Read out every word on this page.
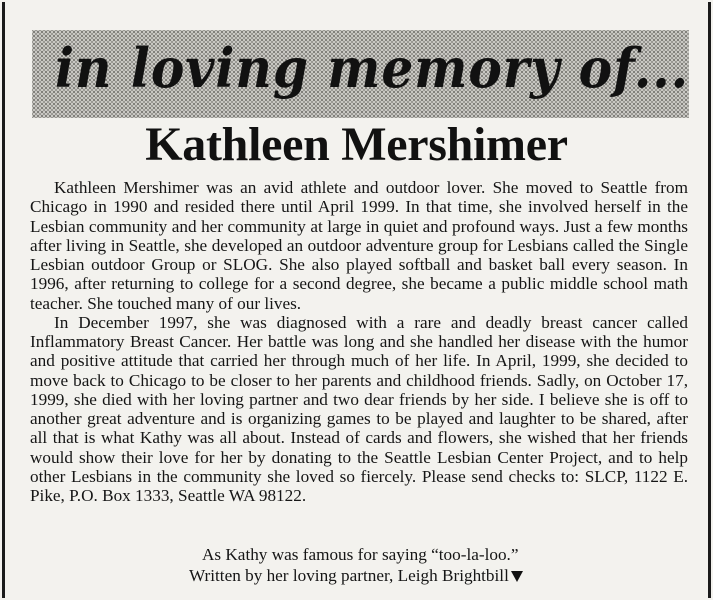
in loving memory of...
Kathleen Mershimer

Kathleen Mershimer was an avid athlete and outdoor lover. She moved to Seattle from Chicago in 1990 and resided there until April 1999. In that time, she involved herself in the Lesbian community and her community at large in quiet and profound ways. Just a few months after living in Seattle, she developed an outdoor adventure group for Lesbians called the Single Lesbian outdoor Group or SLOG. She also played softball and basket ball every season. In 1996, after returning to college for a second degree, she became a public middle school math teacher. She touched many of our lives.

In December 1997, she was diagnosed with a rare and deadly breast cancer called Inflammatory Breast Cancer. Her battle was long and she handled her disease with the humor and positive attitude that carried her through much of her life. In April, 1999, she decided to move back to Chicago to be closer to her parents and childhood friends. Sadly, on October 17, 1999, she died with her loving partner and two dear friends by her side. I believe she is off to another great adventure and is organizing games to be played and laughter to be shared, after all that is what Kathy was all about. Instead of cards and flowers, she wished that her friends would show their love for her by donating to the Seattle Lesbian Center Project, and to help other Lesbians in the community she loved so fiercely. Please send checks to: SLCP, 1122 E. Pike, P.O. Box 1333, Seattle WA 98122.

As Kathy was famous for saying “too-la-loo.”
Written by her loving partner, Leigh Brightbill
